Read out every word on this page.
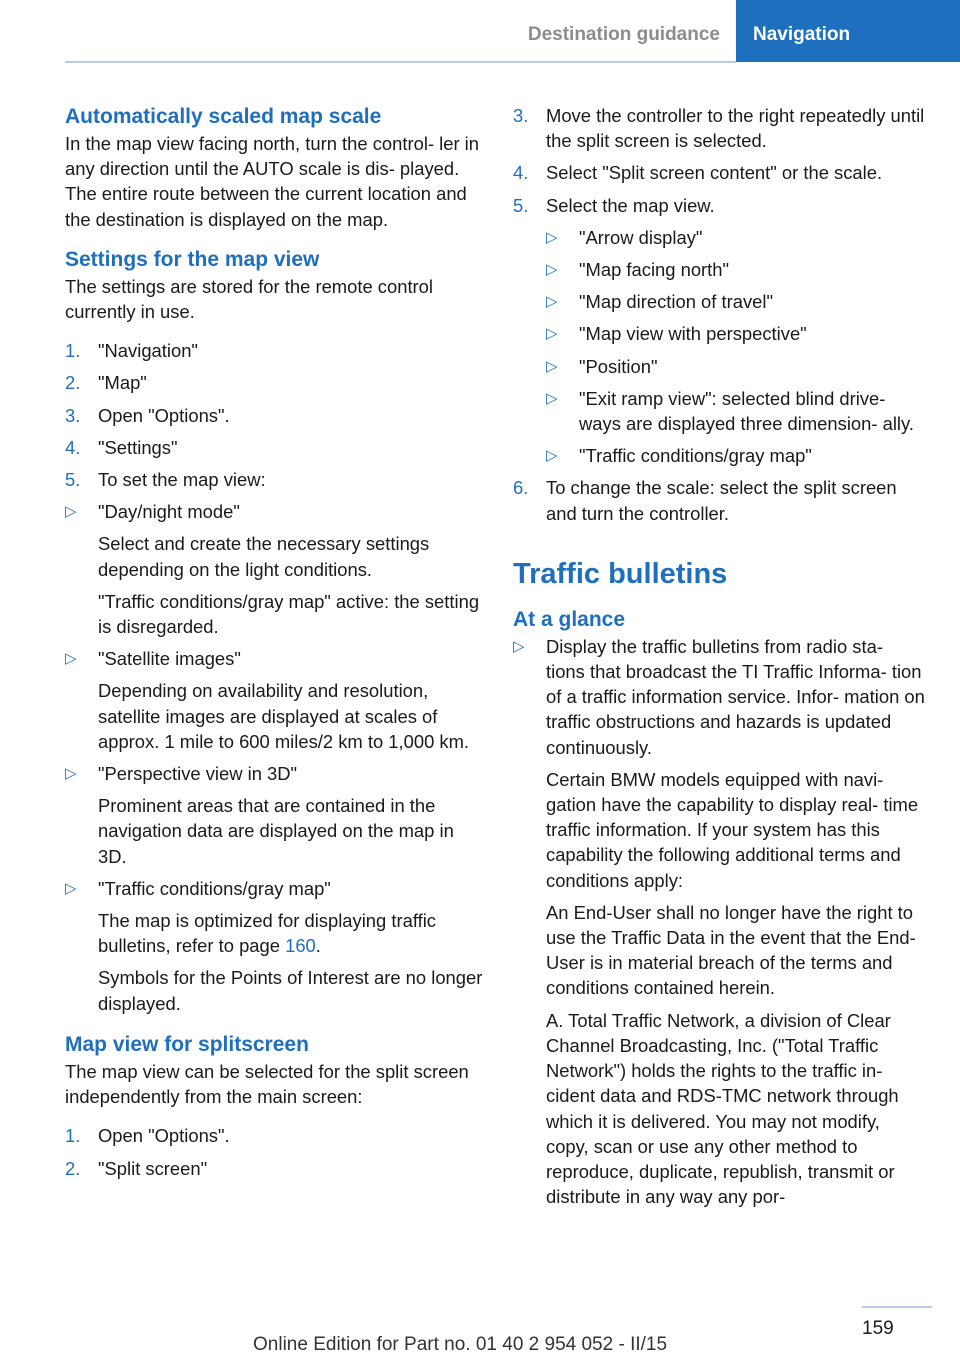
Destination guidance	Navigation
Automatically scaled map scale

In the map view facing north, turn the control- ler in any direction until the AUTO scale is dis- played. The entire route between the current location and the destination is displayed on the map.

Settings for the map view

The settings are stored for the remote control currently in use.

1. "Navigation"
2. "Map"
3. Open "Options".
4. "Settings"
5. To set the map view:
▷	"Day/night mode"
Select and create the necessary settings depending on the light conditions.
"Traffic conditions/gray map" active: the setting is disregarded.
▷	"Satellite images"
Depending on availability and resolution, satellite images are displayed at scales of approx. 1 mile to 600 miles/2 km to 1,000 km.
▷	"Perspective view in 3D"
Prominent areas that are contained in the navigation data are displayed on the map in 3D.
▷	"Traffic conditions/gray map"
The map is optimized for displaying traffic bulletins, refer to page 160.
Symbols for the Points of Interest are no longer displayed.
Map view for splitscreen

The map view can be selected for the split screen independently from the main screen:

1. Open "Options".
2. "Split screen"
3. Move the controller to the right repeatedly until the split screen is selected.
4. Select "Split screen content" or the scale.
5. Select the map view.
▷	"Arrow display"
▷	"Map facing north"
▷	"Map direction of travel"
▷	"Map view with perspective"
▷	"Position"
▷	"Exit ramp view": selected blind drive- ways are displayed three dimension- ally.
▷	"Traffic conditions/gray map"
6. To change the scale: select the split screen and turn the controller.
Traffic bulletins
At a glance
▷	Display the traffic bulletins from radio sta- tions that broadcast the TI Traffic Informa- tion of a traffic information service. Infor- mation on traffic obstructions and hazards is updated continuously.
Certain BMW models equipped with navi- gation have the capability to display real- time traffic information. If your system has this capability the following additional terms and conditions apply:
An End-User shall no longer have the right to use the Traffic Data in the event that the End-User is in material breach of the terms and conditions contained herein.
A. Total Traffic Network, a division of Clear Channel Broadcasting, Inc. ("Total Traffic Network") holds the rights to the traffic in- cident data and RDS-TMC network through which it is delivered. You may not modify, copy, scan or use any other method to reproduce, duplicate, republish, transmit or distribute in any way any por-
159
Online Edition for Part no. 01 40 2 954 052 - II/15
